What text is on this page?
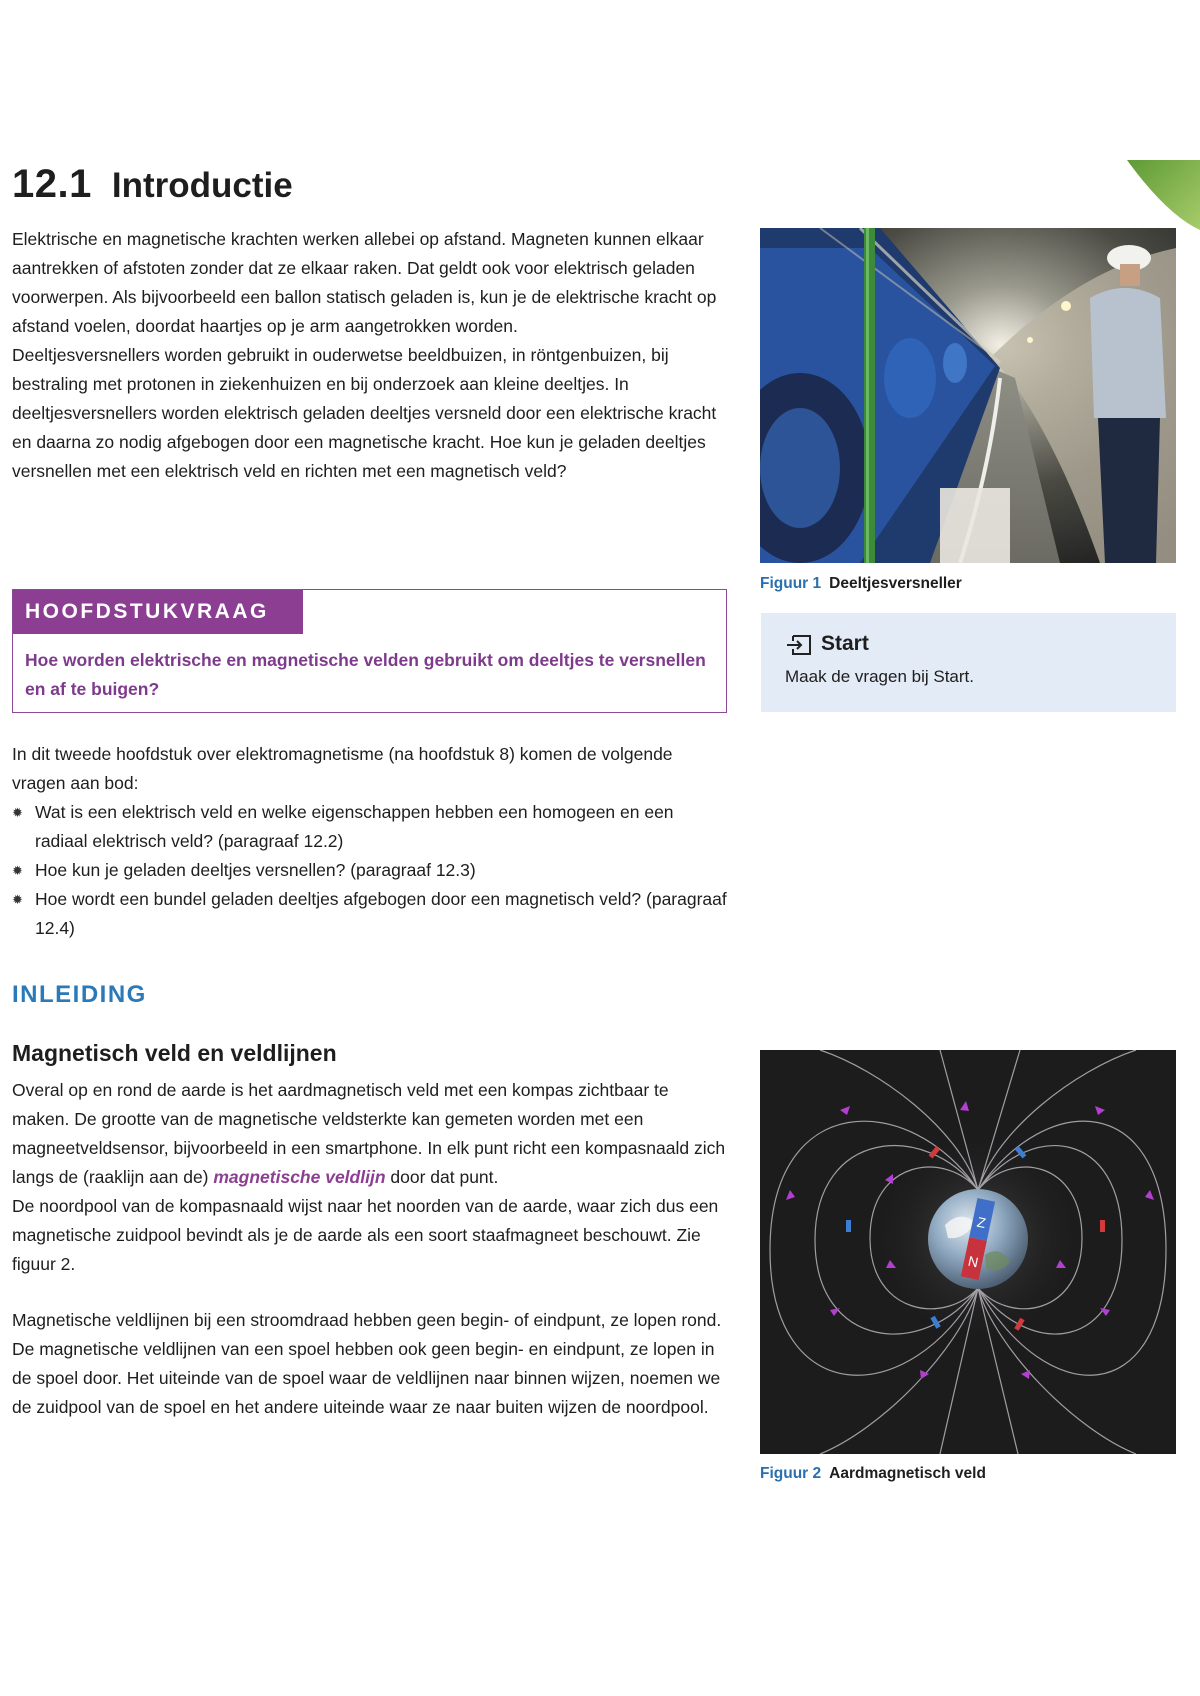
12.1 Introductie

Elektrische en magnetische krachten werken allebei op afstand. Magneten kunnen elkaar aantrekken of afstoten zonder dat ze elkaar raken. Dat geldt ook voor elektrisch geladen voorwerpen. Als bijvoorbeeld een ballon statisch geladen is, kun je de elektrische kracht op afstand voelen, doordat haartjes op je arm aangetrokken worden.
Deeltjesversnellers worden gebruikt in ouderwetse beeldbuizen, in röntgenbuizen, bij bestraling met protonen in ziekenhuizen en bij onderzoek aan kleine deeltjes. In deeltjesversnellers worden elektrisch geladen deeltjes versneld door een elektrische kracht en daarna zo nodig afgebogen door een magnetische kracht. Hoe kun je geladen deeltjes versnellen met een elektrisch veld en richten met een magnetisch veld?

Figuur 1 Deeltjesversneller

HOOFDSTUKVRAAG

Hoe worden elektrische en magnetische velden gebruikt om deeltjes te versnellen en af te buigen?

Start

Maak de vragen bij Start.

In dit tweede hoofdstuk over elektromagnetisme (na hoofdstuk 8) komen de volgende vragen aan bod:

✹ Wat is een elektrisch veld en welke eigenschappen hebben een homogeen en een radiaal elektrisch veld? (paragraaf 12.2)
✹ Hoe kun je geladen deeltjes versnellen? (paragraaf 12.3)
✹ Hoe wordt een bundel geladen deeltjes afgebogen door een magnetisch veld? (paragraaf 12.4)
INLEIDING
Magnetisch veld en veldlijnen

Overal op en rond de aarde is het aardmagnetisch veld met een kompas zichtbaar te maken. De grootte van de magnetische veldsterkte kan gemeten worden met een magneetveldsensor, bijvoorbeeld in een smartphone. In elk punt richt een kompasnaald zich langs de (raaklijn aan de) magnetische veldlijn door dat punt.
De noordpool van de kompasnaald wijst naar het noorden van de aarde, waar zich dus een magnetische zuidpool bevindt als je de aarde als een soort staafmagneet beschouwt. Zie figuur 2.

Magnetische veldlijnen bij een stroomdraad hebben geen begin- of eindpunt, ze lopen rond. De magnetische veldlijnen van een spoel hebben ook geen begin- en eindpunt, ze lopen in de spoel door. Het uiteinde van de spoel waar de veldlijnen naar binnen wijzen, noemen we de zuidpool van de spoel en het andere uiteinde waar ze naar buiten wijzen de noordpool.

Z
N

Figuur 2 Aardmagnetisch veld
